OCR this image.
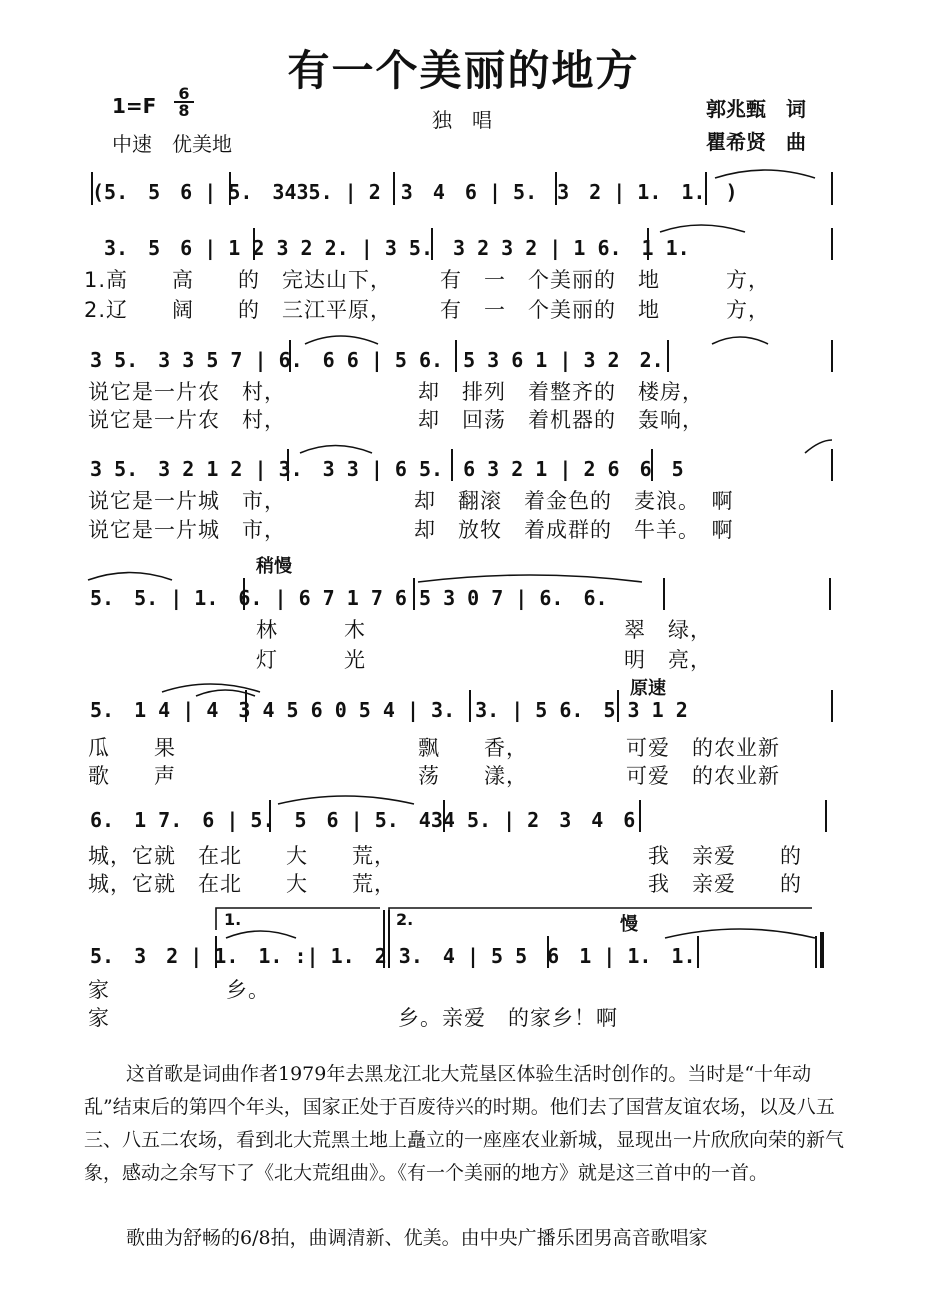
有一个美丽的地方
$1=F \frac{6}{8}$
中速　优美地
独　唱	郭兆甄　词
瞿希贤　曲
1.	2.
稍慢
原速
慢
(5.　5　6 | 5.　3435. | 2　3　4　6 | 5.　3　2 | 1.　1.　)
3.　5　6 | 1 2 3 2 2. | 3 5.　3 2 3 2 | 1 6.　1 1.
3 5.　3 3 5 7 | 6.　6 6 | 5 6.　5 3 6 1 | 3 2　2.
3 5.　3 2 1 2 | 3.　3 3 | 6 5.　6 3 2 1 | 2 6　6　5
5.　5. | 1.　6. | 6 7 1 7 6 5 3 0 7 | 6.　6.
5.　1 4 | 4　3 4 5 6 0 5 4 | 3.　3. | 5 6.　5 3 1 2
6.　1 7.　6 | 5.　5　6 | 5.　434 5. | 2　3　4　6
5.　3　2 | 1.　1. :| 1.　2 3.　4 | 5 5　6　1 | 1.　1.
1.高　　高　　的　完达山下，
2.辽　　阔　　的　三江平原，
有　一　个美丽的　地　　　方，
有　一　个美丽的　地　　　方，
说它是一片农　村，
说它是一片农　村，
却　排列　着整齐的　楼房，
却　回荡　着机器的　轰响，
说它是一片城　市，
说它是一片城　市，
却　翻滚　着金色的　麦浪。　啊
却　放牧　着成群的　牛羊。　啊
林　　　木
灯　　　光
翠　绿，
明　亮，
瓜　　果
歌　　声
飘　　香，
荡　　漾，
可爱　的农业新
可爱　的农业新
城，它就　在北　　大　　荒，
城，它就　在北　　大　　荒，
我　亲爱　　的
我　亲爱　　的
家
家
乡。
乡。亲爱　的家乡！啊
这首歌是词曲作者1979年去黑龙江北大荒垦区体验生活时创作的。当时是“十年动乱”结束后的第四个年头，国家正处于百废待兴的时期。他们去了国营友谊农场，以及八五三、八五二农场，看到北大荒黑土地上矗立的一座座农业新城，显现出一片欣欣向荣的新气象，感动之余写下了《北大荒组曲》。《有一个美丽的地方》就是这三首中的一首。
歌曲为舒畅的6/8拍，曲调清新、优美。由中央广播乐团男高音歌唱家
